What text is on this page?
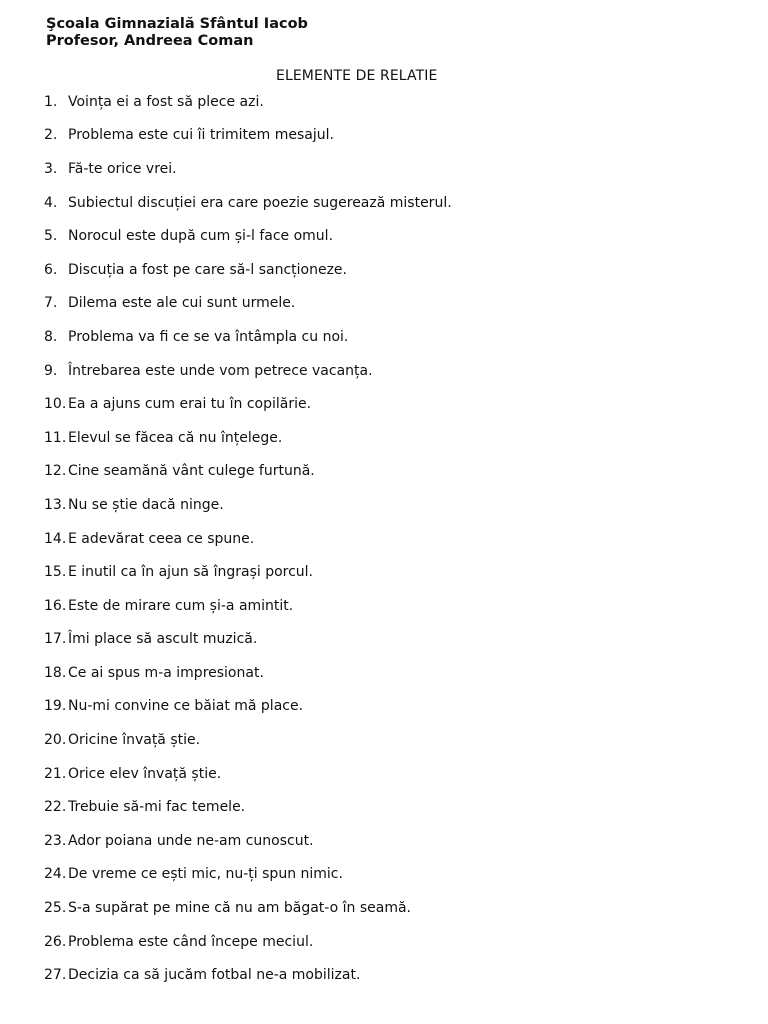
Şcoala Gimnazială Sfântul Iacob
Profesor, Andreea Coman
ELEMENTE DE RELATIE
1. Voința ei a fost să plece azi.
2. Problema este cui îi trimitem mesajul.
3. Fă-te orice vrei.
4. Subiectul discuției era care poezie sugerează misterul.
5. Norocul este după cum și-l face omul.
6. Discuția a fost pe care să-l sancționeze.
7. Dilema este ale cui sunt urmele.
8. Problema va fi ce se va întâmpla cu noi.
9. Întrebarea este unde vom petrece vacanța.
10. Ea a ajuns cum erai tu în copilărie.
11. Elevul se făcea că nu înțelege.
12. Cine seamănă vânt culege furtună.
13. Nu se știe dacă ninge.
14. E adevărat ceea ce spune.
15. E inutil ca în ajun să îngrași porcul.
16. Este de mirare cum și-a amintit.
17. Îmi place să ascult muzică.
18. Ce ai spus m-a impresionat.
19. Nu-mi convine ce băiat mă place.
20. Oricine învață știe.
21. Orice elev învață știe.
22. Trebuie să-mi fac temele.
23. Ador poiana unde ne-am cunoscut.
24. De vreme ce ești mic, nu-ți spun nimic.
25. S-a supărat pe mine că nu am băgat-o în seamă.
26. Problema este când începe meciul.
27. Decizia ca să jucăm fotbal ne-a mobilizat.
